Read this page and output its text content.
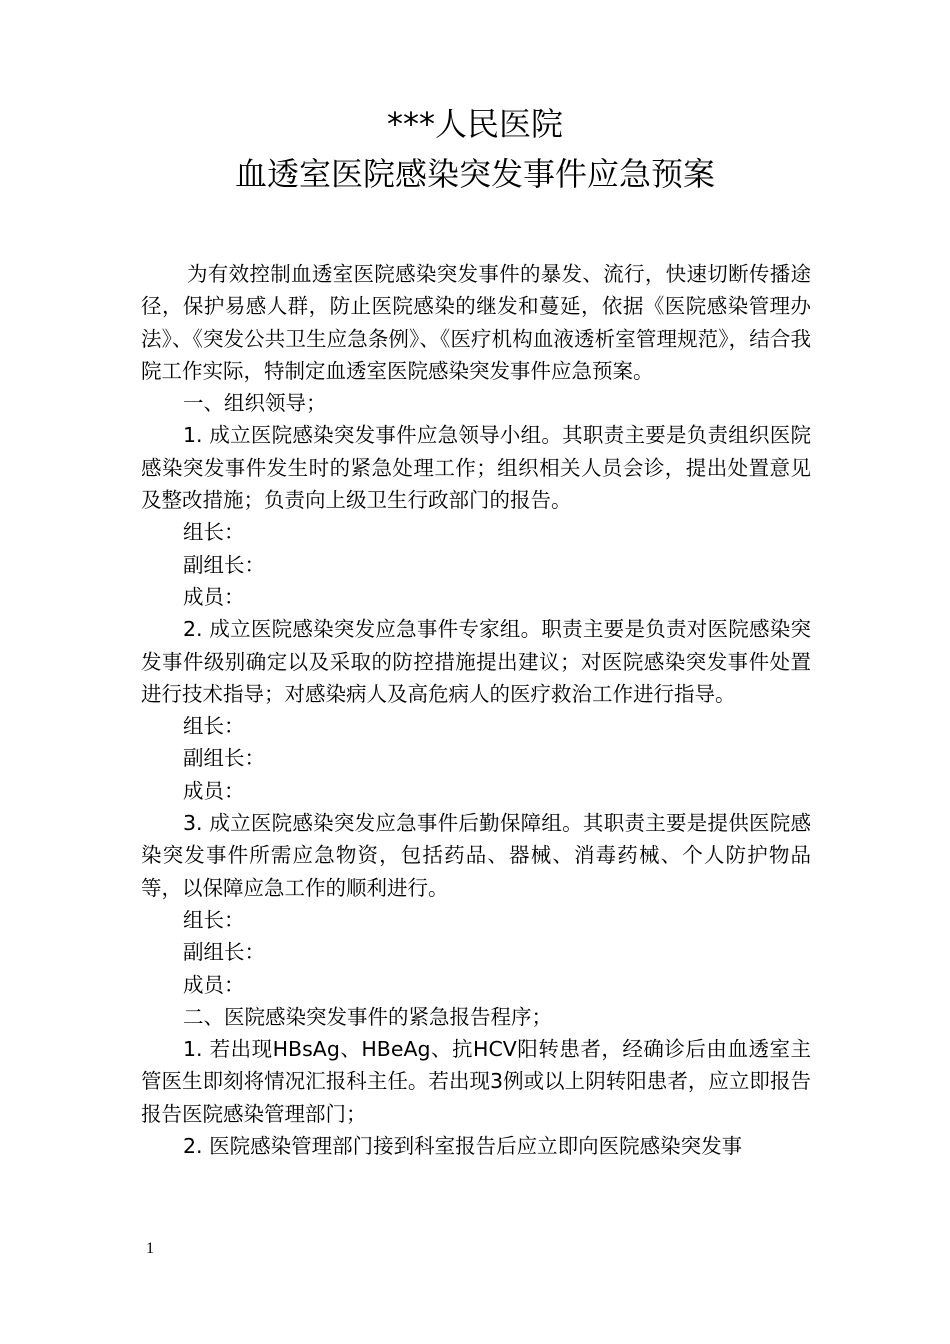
***人民医院
血透室医院感染突发事件应急预案

为有效控制血透室医院感染突发事件的暴发、流行，快速切断传播途径，保护易感人群，防止医院感染的继发和蔓延，依据《医院感染管理办法》、《突发公共卫生应急条例》、《医疗机构血液透析室管理规范》，结合我院工作实际，特制定血透室医院感染突发事件应急预案。

一、组织领导；

1. 成立医院感染突发事件应急领导小组。其职责主要是负责组织医院感染突发事件发生时的紧急处理工作；组织相关人员会诊，提出处置意见及整改措施；负责向上级卫生行政部门的报告。

组长：

副组长：

成员：

2. 成立医院感染突发应急事件专家组。职责主要是负责对医院感染突发事件级别确定以及采取的防控措施提出建议；对医院感染突发事件处置进行技术指导；对感染病人及高危病人的医疗救治工作进行指导。

组长：

副组长：

成员：

3. 成立医院感染突发应急事件后勤保障组。其职责主要是提供医院感染突发事件所需应急物资，包括药品、器械、消毒药械、个人防护物品等，以保障应急工作的顺利进行。

组长：

副组长：

成员：

二、医院感染突发事件的紧急报告程序；

1. 若出现HBsAg、HBeAg、抗HCV阳转患者，经确诊后由血透室主管医生即刻将情况汇报科主任。若出现3例或以上阴转阳患者，应立即报告报告医院感染管理部门；

2. 医院感染管理部门接到科室报告后应立即向医院感染突发事

1
